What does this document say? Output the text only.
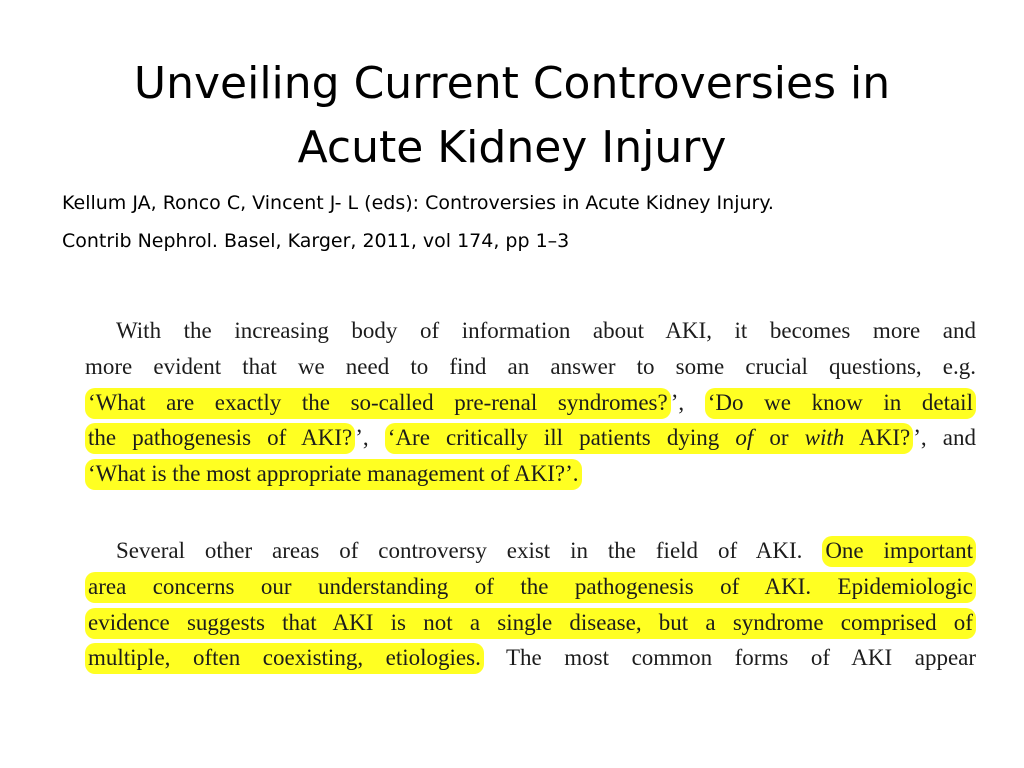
Unveiling Current Controversies in
Acute Kidney Injury
Kellum JA, Ronco C, Vincent J- L (eds): Controversies in Acute Kidney Injury.
Contrib Nephrol. Basel, Karger, 2011, vol 174, pp 1–3
With the increasing body of information about AKI, it becomes more and
more evident that we need to find an answer to some crucial questions, e.g.
‘What are exactly the so-called pre-renal syndromes? ’, ‘Do we know in detail
the pathogenesis of AKI? ’, ‘Are critically ill patients dying of or with AKI? ’, and
‘What is the most appropriate management of AKI?’.
Several other areas of controversy exist in the field of AKI. One important
area concerns our understanding of the pathogenesis of AKI. Epidemiologic
evidence suggests that AKI is not a single disease, but a syndrome comprised of
multiple, often coexisting, etiologies. The most common forms of AKI appear
